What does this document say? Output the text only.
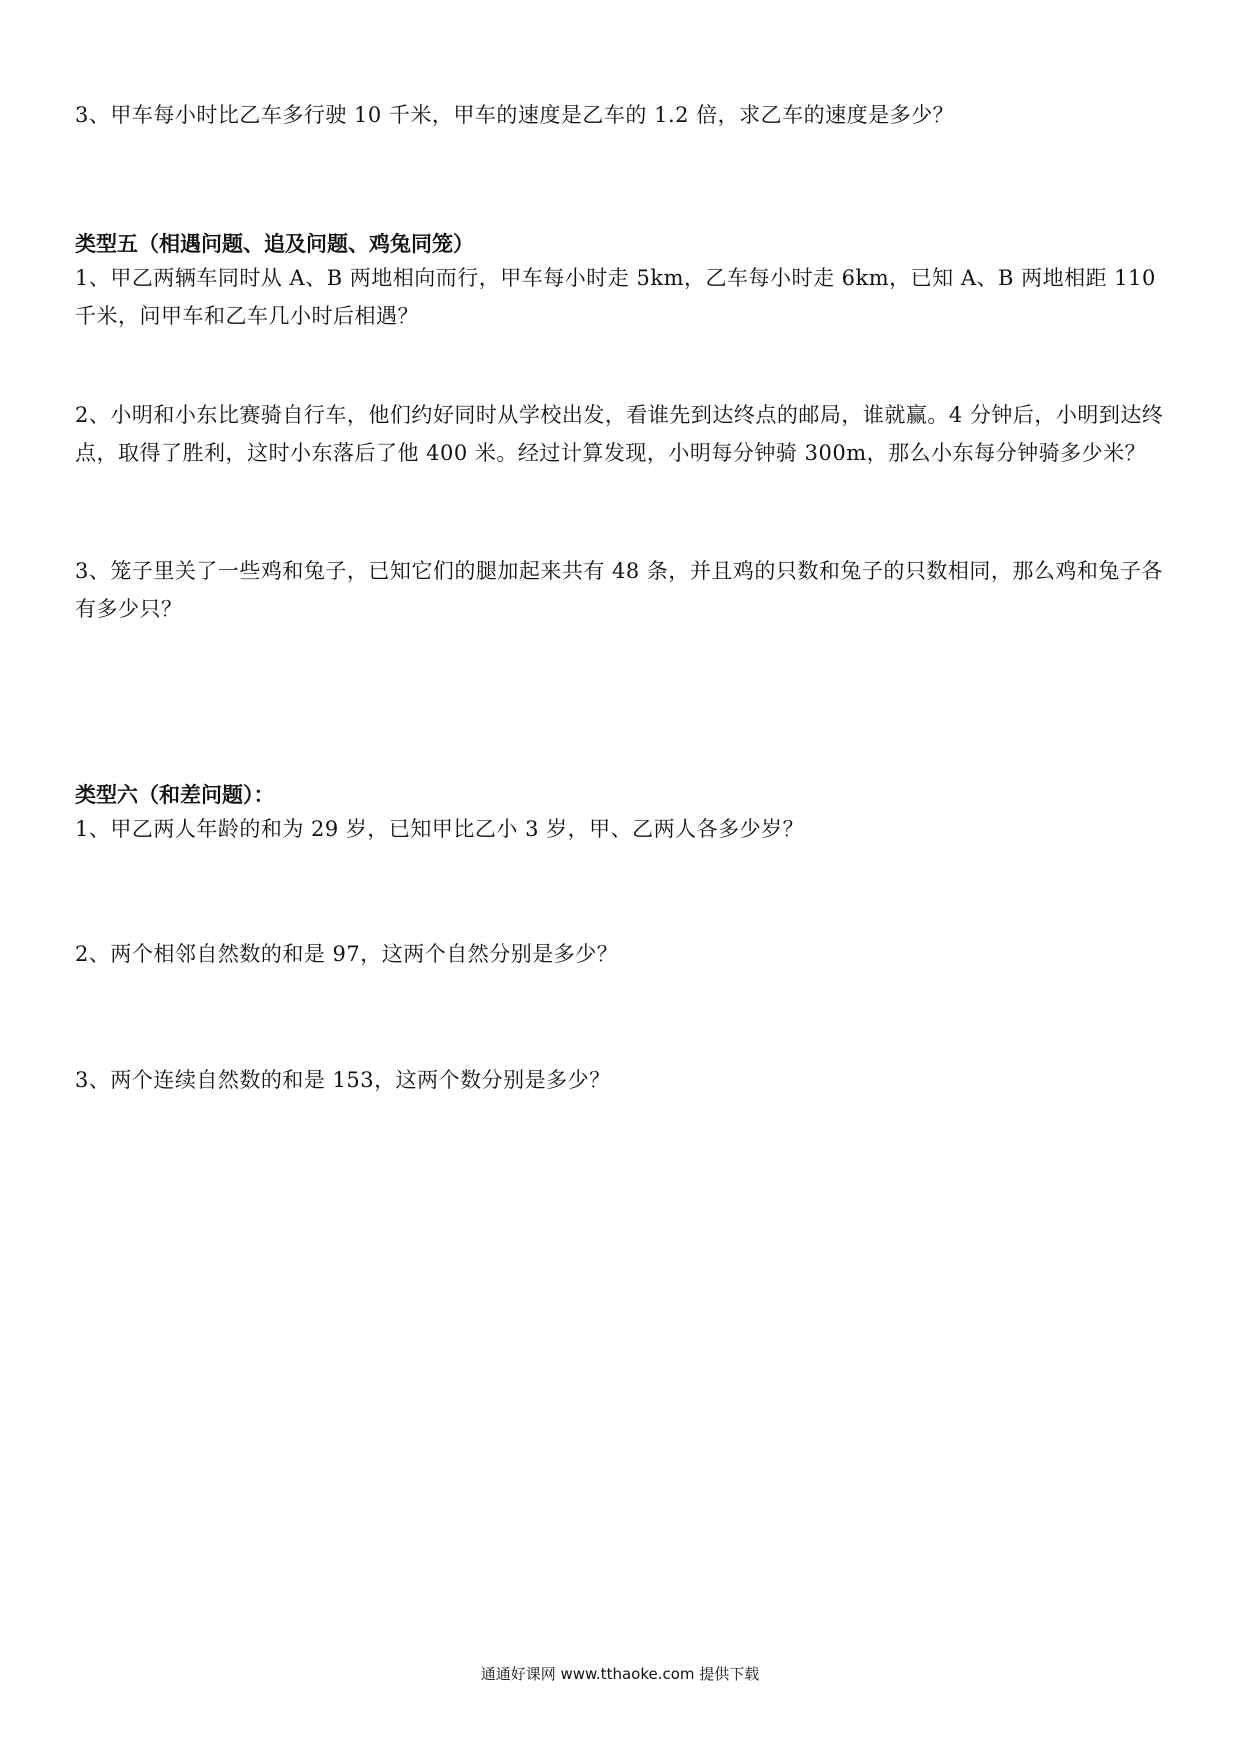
3、甲车每小时比乙车多行驶 10 千米，甲车的速度是乙车的 1.2 倍，求乙车的速度是多少？
类型五（相遇问题、追及问题、鸡兔同笼）
1、甲乙两辆车同时从 A、B 两地相向而行，甲车每小时走 5km，乙车每小时走 6km，已知 A、B 两地相距 110 千米，问甲车和乙车几小时后相遇？
2、小明和小东比赛骑自行车，他们约好同时从学校出发，看谁先到达终点的邮局，谁就赢。4 分钟后，小明到达终点，取得了胜利，这时小东落后了他 400 米。经过计算发现，小明每分钟骑 300m，那么小东每分钟骑多少米？
3、笼子里关了一些鸡和兔子，已知它们的腿加起来共有 48 条，并且鸡的只数和兔子的只数相同，那么鸡和兔子各有多少只？
类型六（和差问题）：
1、甲乙两人年龄的和为 29 岁，已知甲比乙小 3 岁，甲、乙两人各多少岁？
2、两个相邻自然数的和是 97，这两个自然分别是多少？
3、两个连续自然数的和是 153，这两个数分别是多少？
通通好课网 www.tthaoke.com 提供下载
